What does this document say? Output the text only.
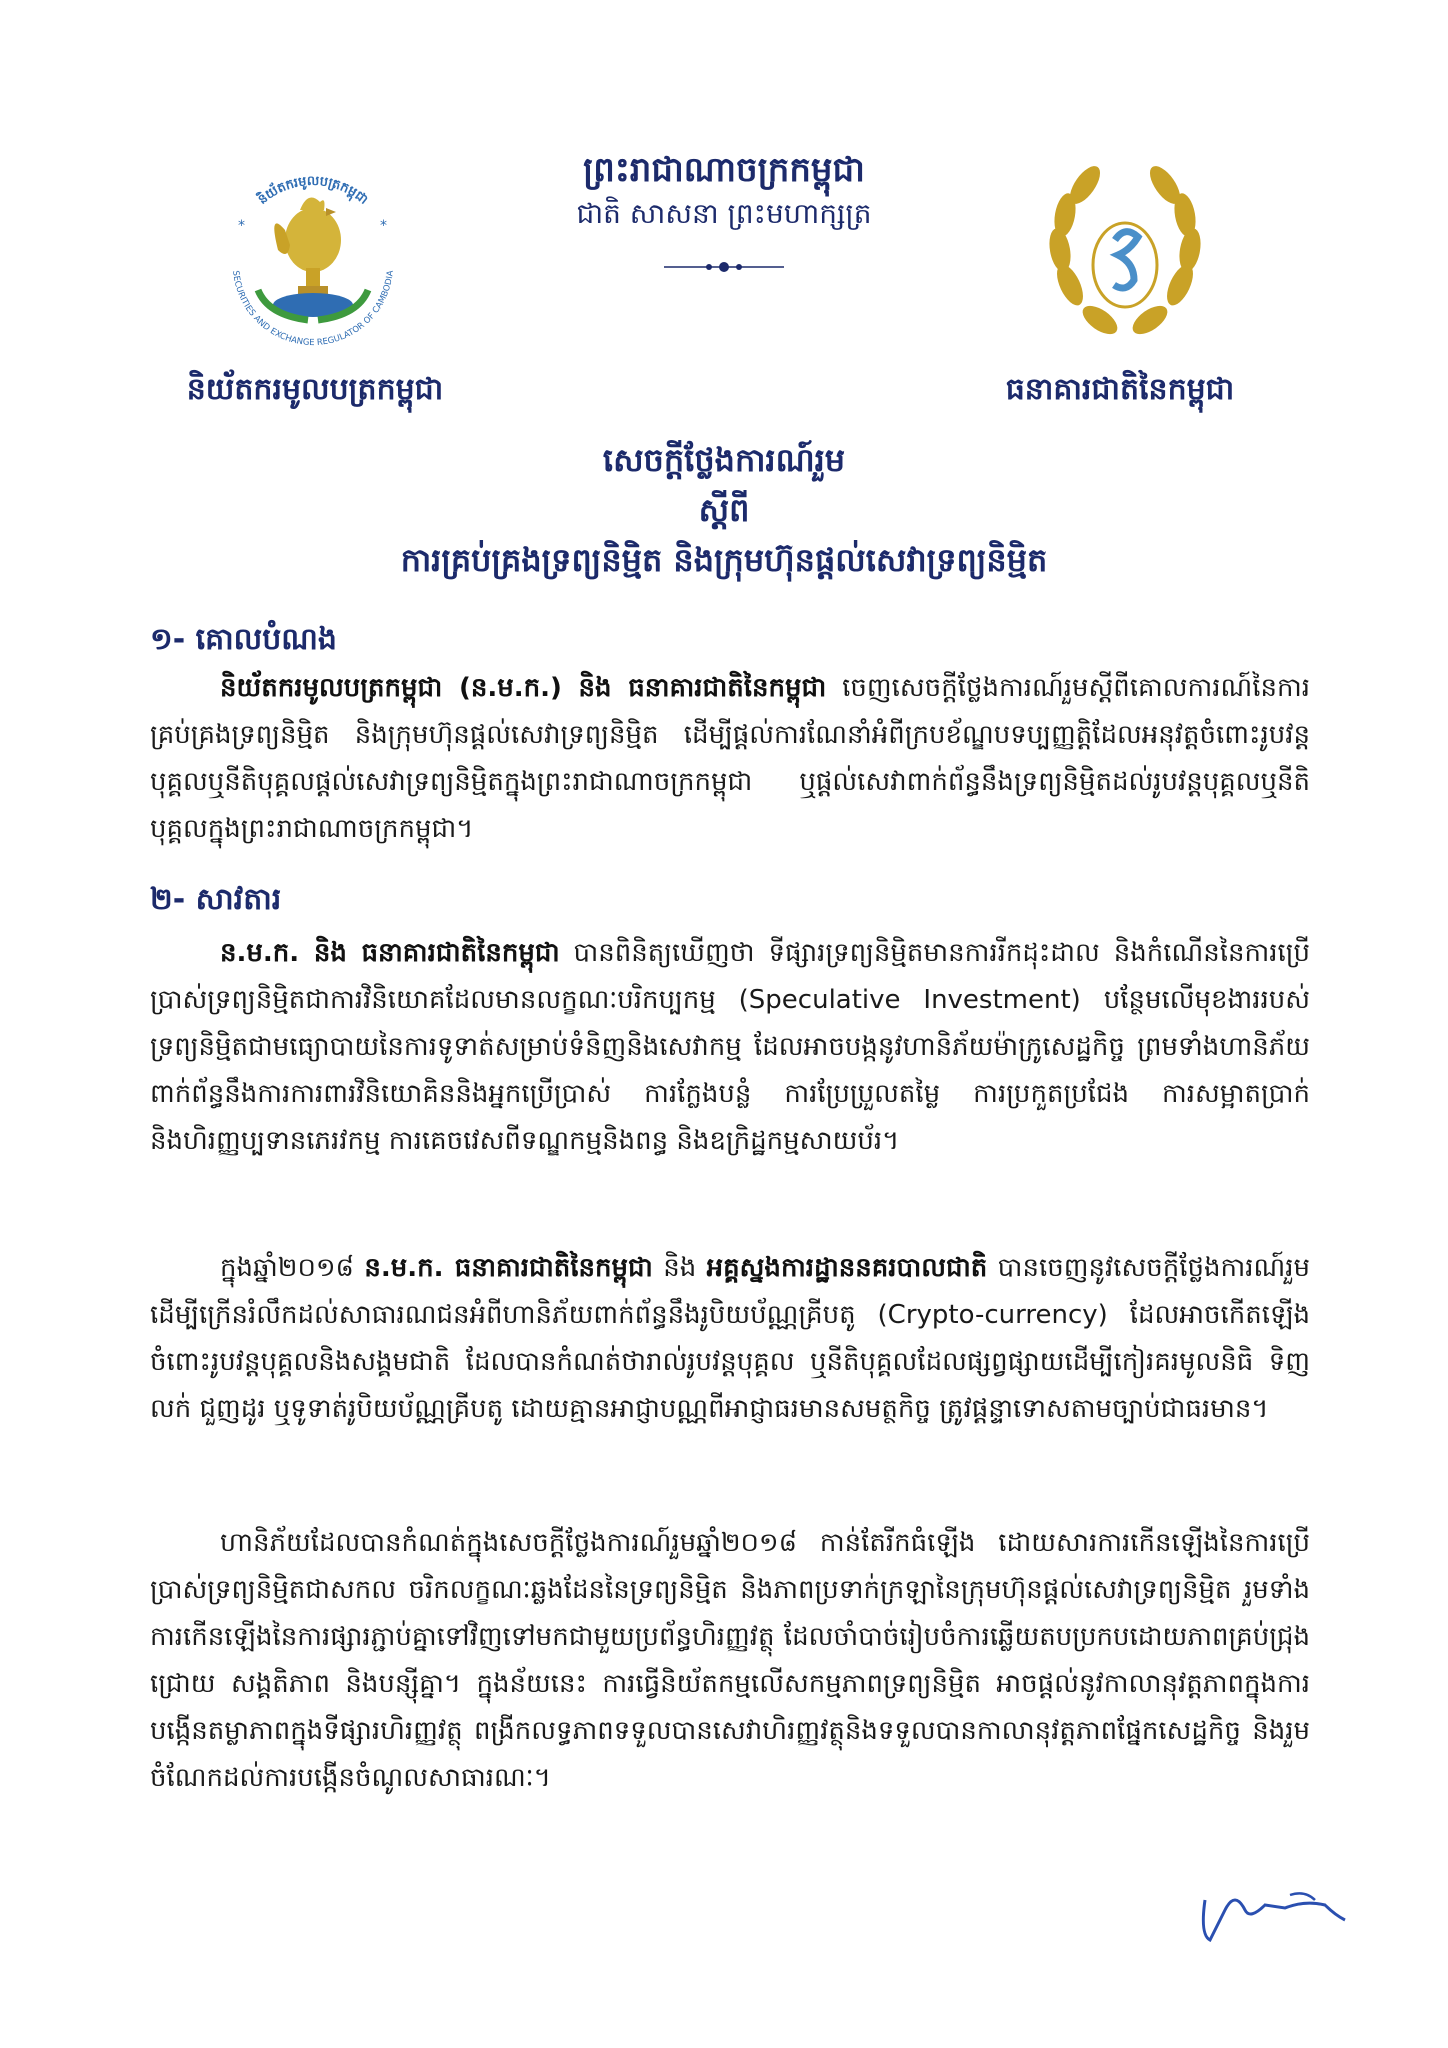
និយ័តករមូលបត្រកម្ពុជា
SECURITIES AND EXCHANGE REGULATOR OF CAMBODIA
*	*
ព្រះរាជាណាចក្រកម្ពុជា
ជាតិ សាសនា ព្រះមហាក្សត្រ
និយ័តករមូលបត្រកម្ពុជា	ធនាគារជាតិនៃកម្ពុជា
សេចក្ដីថ្លែងការណ៍រួម
ស្ដីពី
ការគ្រប់គ្រងទ្រព្យនិម្មិត និងក្រុមហ៊ុនផ្ដល់សេវាទ្រព្យនិម្មិត
១- គោលបំណង
និយ័តករមូលបត្រកម្ពុជា (ន.ម.ក.) និង ធនាគារជាតិនៃកម្ពុជា ចេញសេចក្ដីថ្លែងការណ៍រួមស្ដីពីគោលការណ៍នៃការគ្រប់គ្រងទ្រព្យនិម្មិត និងក្រុមហ៊ុនផ្ដល់សេវាទ្រព្យនិម្មិត ដើម្បីផ្ដល់ការណែនាំអំពីក្របខ័ណ្ឌបទប្បញ្ញត្តិដែលអនុវត្តចំពោះរូបវន្តបុគ្គលឬនីតិបុគ្គលផ្ដល់សេវាទ្រព្យនិម្មិតក្នុងព្រះរាជាណាចក្រកម្ពុជា ឬផ្ដល់សេវាពាក់ព័ន្ធនឹងទ្រព្យនិម្មិតដល់រូបវន្តបុគ្គលឬនីតិបុគ្គលក្នុងព្រះរាជាណាចក្រកម្ពុជា។
២- សាវតារ
ន.ម.ក. និង ធនាគារជាតិនៃកម្ពុជា បានពិនិត្យឃើញថា ទីផ្សារទ្រព្យនិម្មិតមានការរីកដុះដាល និងកំណើននៃការប្រើប្រាស់ទ្រព្យនិម្មិតជាការវិនិយោគដែលមានលក្ខណៈបរិកប្បកម្ម (Speculative Investment) បន្ថែមលើមុខងាររបស់ទ្រព្យនិម្មិតជាមធ្យោបាយនៃការទូទាត់សម្រាប់ទំនិញនិងសេវាកម្ម ដែលអាចបង្កនូវហានិភ័យម៉ាក្រូសេដ្ឋកិច្ច ព្រមទាំងហានិភ័យពាក់ព័ន្ធនឹងការការពារវិនិយោគិននិងអ្នកប្រើប្រាស់ ការក្លែងបន្លំ ការប្រែប្រួលតម្លៃ ការប្រកួតប្រជែង ការសម្អាតប្រាក់និងហិរញ្ញប្បទានភេរវកម្ម ការគេចវេសពីទណ្ឌកម្មនិងពន្ធ និងឧក្រិដ្ឋកម្មសាយប័រ។
ក្នុងឆ្នាំ២០១៨ ន.ម.ក. ធនាគារជាតិនៃកម្ពុជា និង អគ្គស្នងការដ្ឋាននគរបាលជាតិ បានចេញនូវសេចក្ដីថ្លែងការណ៍រួម ដើម្បីក្រើនរំលឹកដល់សាធារណជនអំពីហានិភ័យពាក់ព័ន្ធនឹងរូបិយប័ណ្ណគ្រីបតូ (Crypto-currency) ដែលអាចកើតឡើងចំពោះរូបវន្តបុគ្គលនិងសង្គមជាតិ ដែលបានកំណត់ថារាល់រូបវន្តបុគ្គល ឬនីតិបុគ្គលដែលផ្សព្វផ្សាយដើម្បីកៀរគរមូលនិធិ ទិញ លក់ ជួញដូរ ឬទូទាត់រូបិយប័ណ្ណគ្រីបតូ ដោយគ្មានអាជ្ញាបណ្ណពីអាជ្ញាធរមានសមត្ថកិច្ច ត្រូវផ្ដន្ទាទោសតាមច្បាប់ជាធរមាន។
ហានិភ័យដែលបានកំណត់ក្នុងសេចក្ដីថ្លែងការណ៍រួមឆ្នាំ២០១៨ កាន់តែរីកធំឡើង ដោយសារការកើនឡើងនៃការប្រើប្រាស់ទ្រព្យនិម្មិតជាសកល ចរិកលក្ខណៈឆ្លងដែននៃទ្រព្យនិម្មិត និងភាពប្រទាក់ក្រឡានៃក្រុមហ៊ុនផ្ដល់សេវាទ្រព្យនិម្មិត រួមទាំងការកើនឡើងនៃការផ្សារភ្ជាប់គ្នាទៅវិញទៅមកជាមួយប្រព័ន្ធហិរញ្ញវត្ថុ ដែលចាំបាច់រៀបចំការឆ្លើយតបប្រកបដោយភាពគ្រប់ជ្រុងជ្រោយ សង្គតិភាព និងបន្សុីគ្នា។ ក្នុងន័យនេះ ការធ្វើនិយ័តកម្មលើសកម្មភាពទ្រព្យនិម្មិត អាចផ្ដល់នូវកាលានុវត្តភាពក្នុងការបង្កើនតម្លាភាពក្នុងទីផ្សារហិរញ្ញវត្ថុ ពង្រីកលទ្ធភាពទទួលបានសេវាហិរញ្ញវត្ថុនិងទទួលបានកាលានុវត្តភាពផ្នែកសេដ្ឋកិច្ច និងរួមចំណែកដល់ការបង្កើនចំណូលសាធារណៈ។
